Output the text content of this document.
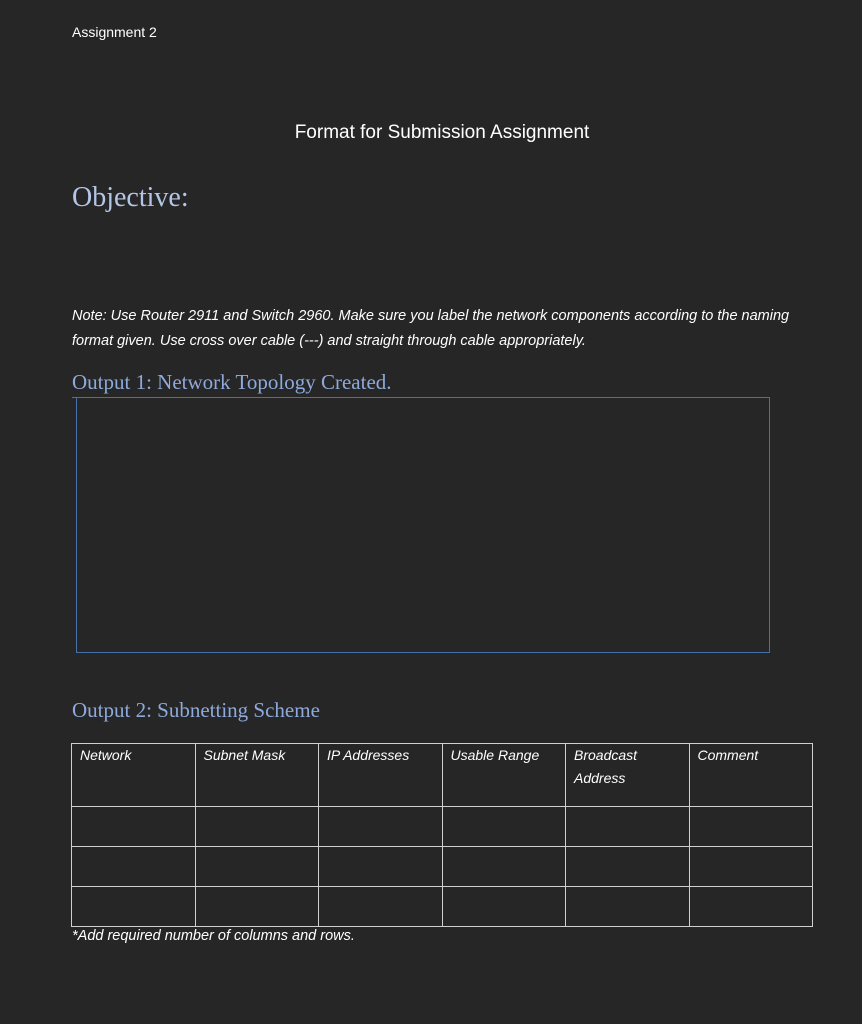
Assignment 2
Format for Submission Assignment
Objective:
Note: Use Router 2911 and Switch 2960. Make sure you label the network components according to the naming format given. Use cross over cable (---) and straight through cable appropriately.
Output 1: Network Topology Created.
Output 2: Subnetting Scheme
Network	Subnet Mask	IP Addresses	Usable Range	Broadcast Address	Comment

*Add required number of columns and rows.
